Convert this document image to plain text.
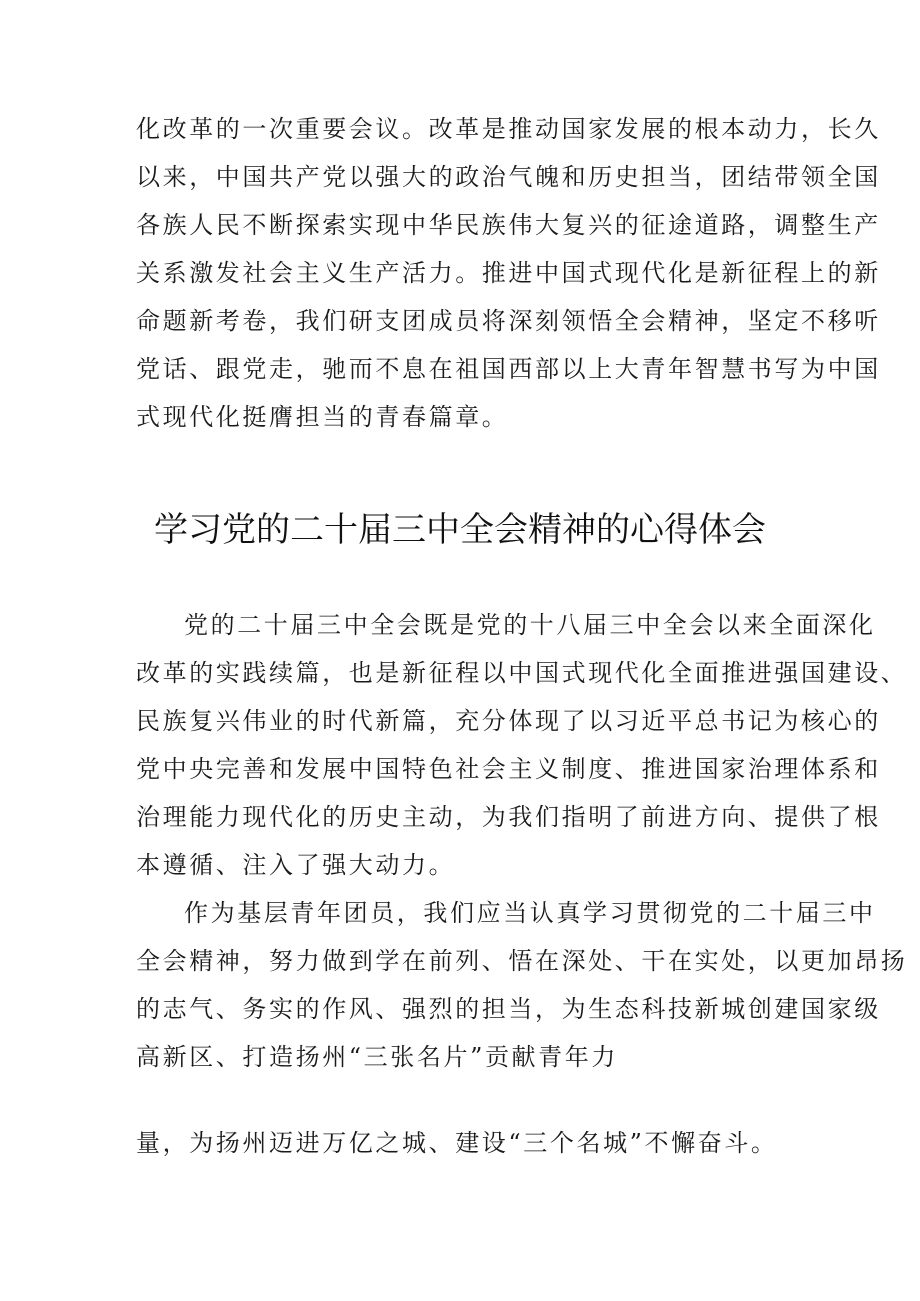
化改革的一次重要会议。改革是推动国家发展的根本动力，长久
以来，中国共产党以强大的政治气魄和历史担当，团结带领全国
各族人民不断探索实现中华民族伟大复兴的征途道路，调整生产
关系激发社会主义生产活力。推进中国式现代化是新征程上的新
命题新考卷，我们研支团成员将深刻领悟全会精神，坚定不移听
党话、跟党走，驰而不息在祖国西部以上大青年智慧书写为中国
式现代化挺膺担当的青春篇章。
学习党的二十届三中全会精神的心得体会
党的二十届三中全会既是党的十八届三中全会以来全面深化
改革的实践续篇，也是新征程以中国式现代化全面推进强国建设、
民族复兴伟业的时代新篇，充分体现了以习近平总书记为核心的
党中央完善和发展中国特色社会主义制度、推进国家治理体系和
治理能力现代化的历史主动，为我们指明了前进方向、提供了根
本遵循、注入了强大动力。
作为基层青年团员，我们应当认真学习贯彻党的二十届三中
全会精神，努力做到学在前列、悟在深处、干在实处，以更加昂扬
的志气、务实的作风、强烈的担当，为生态科技新城创建国家级
高新区、打造扬州“三张名片”贡献青年力
量，为扬州迈进万亿之城、建设“三个名城”不懈奋斗。
